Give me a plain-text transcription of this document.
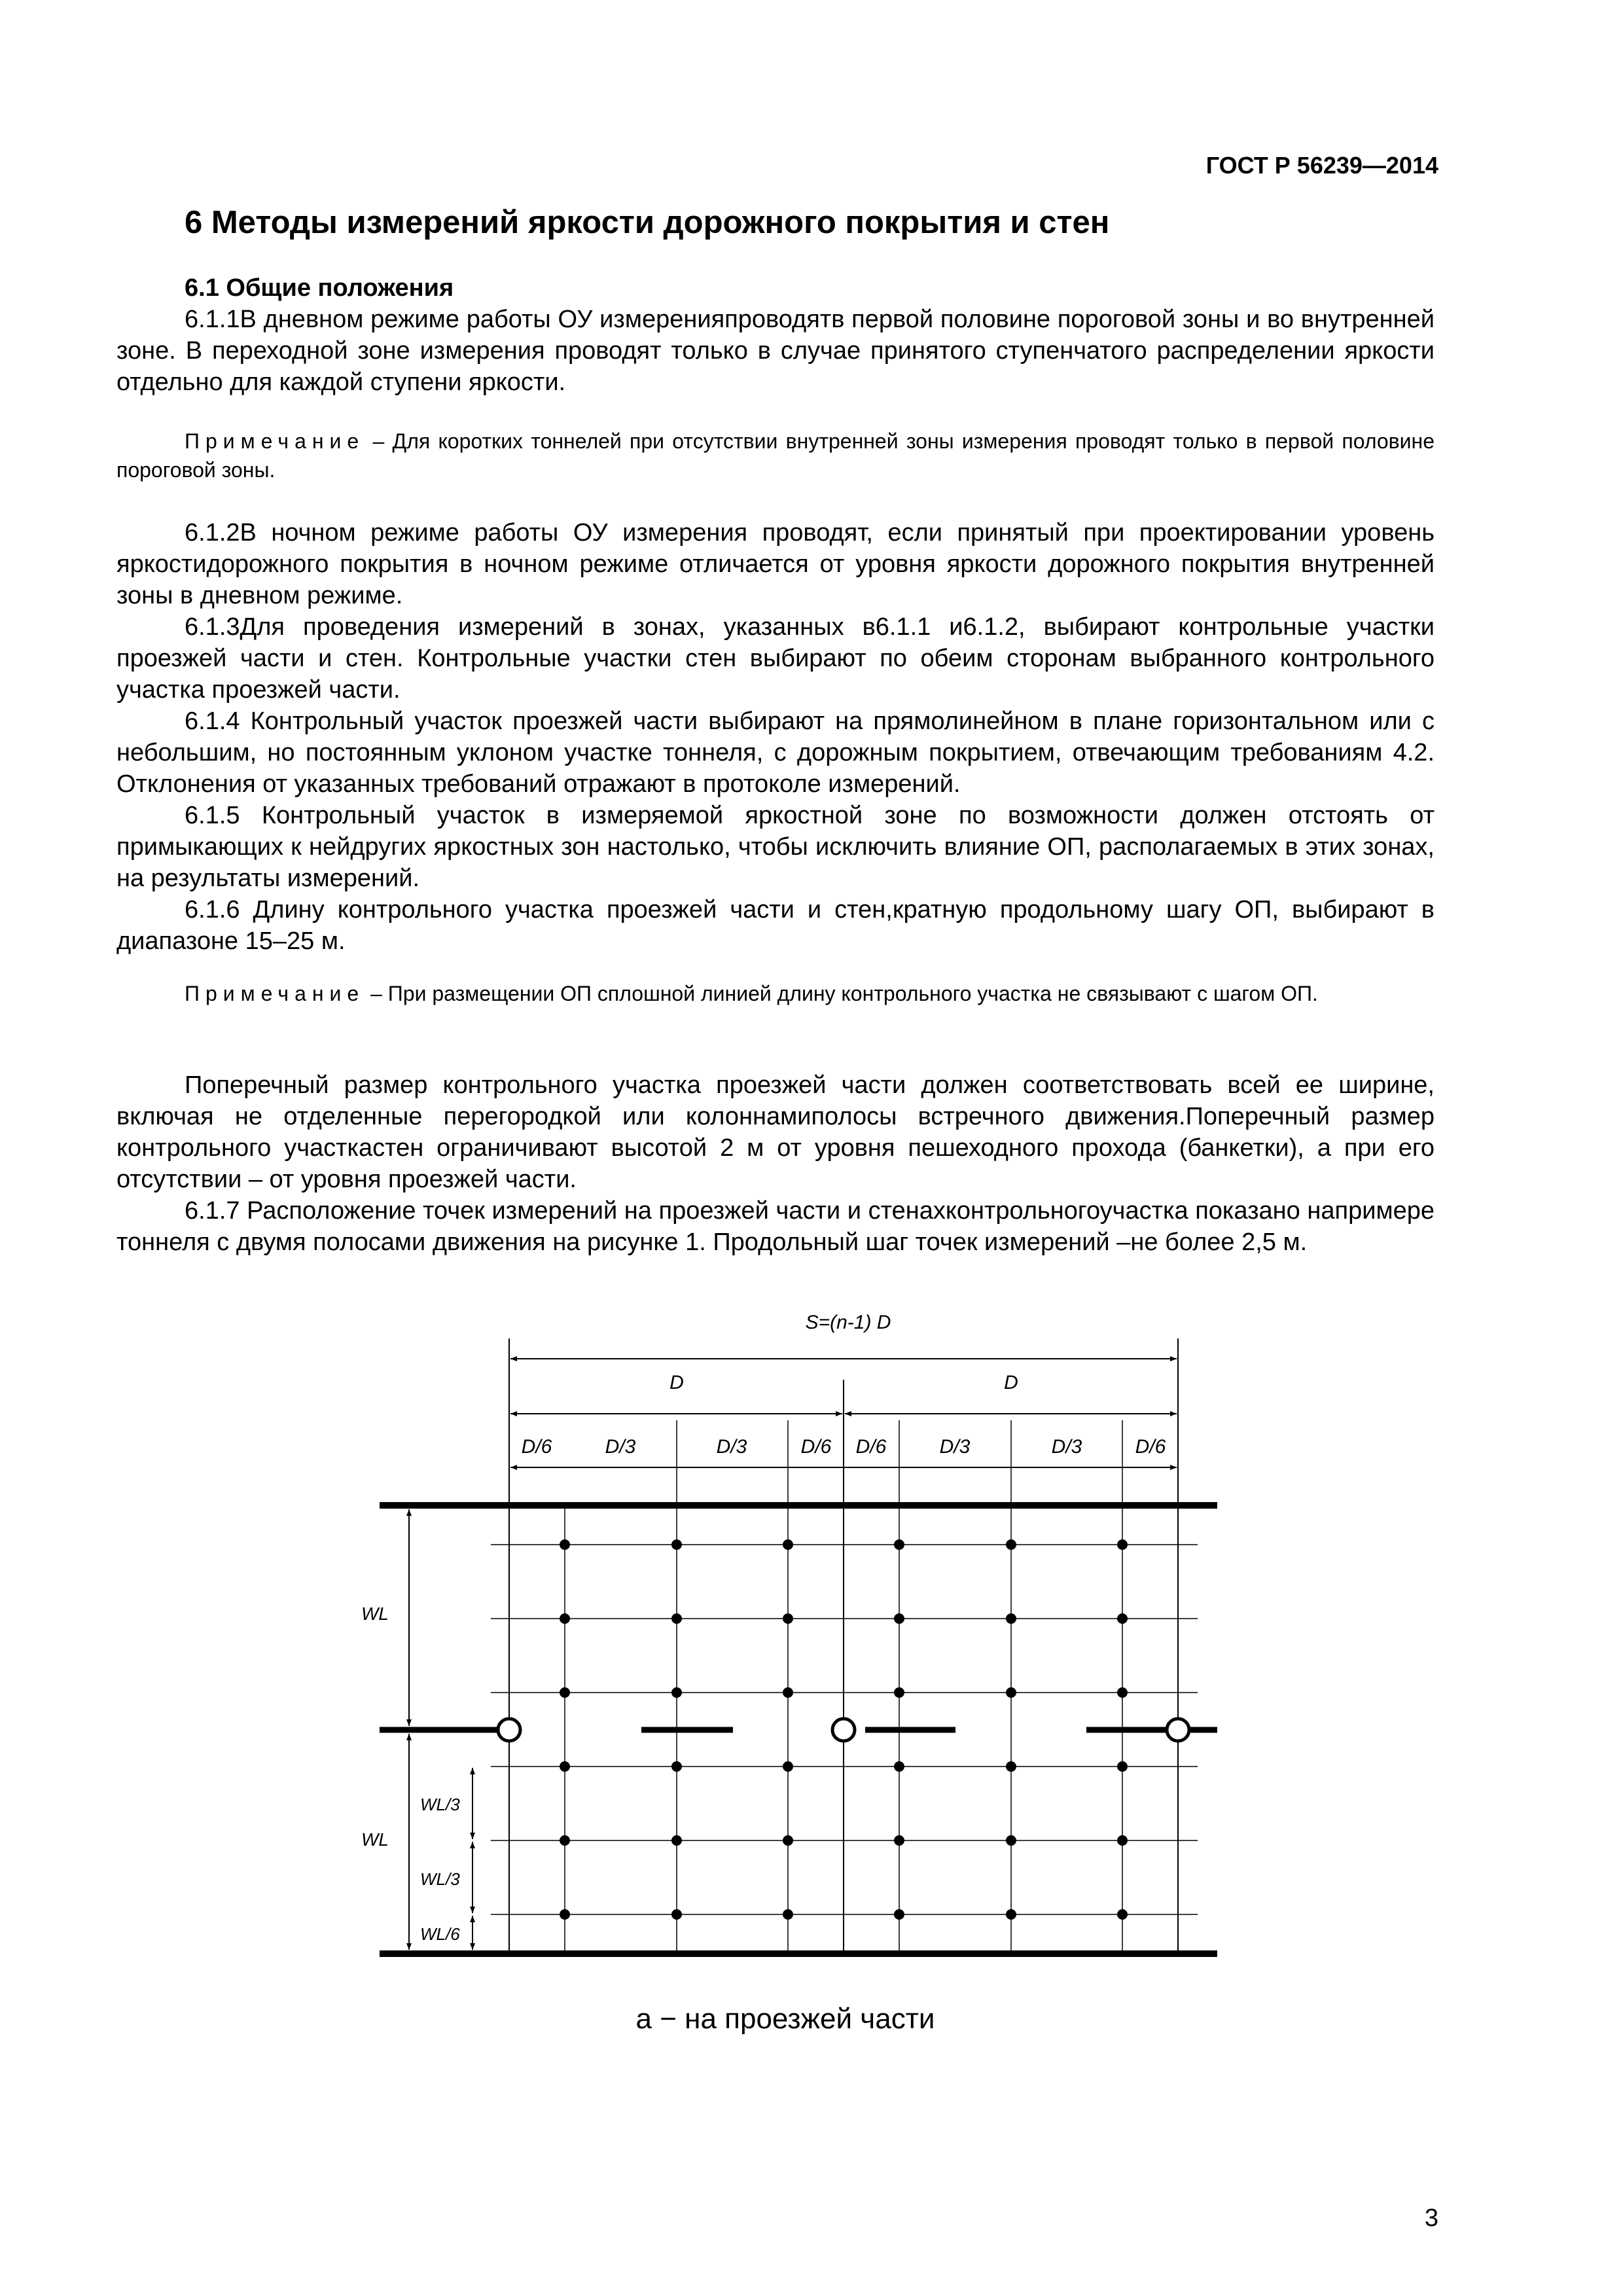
ГОСТ Р 56239—2014
6 Методы измерений яркости дорожного покрытия и стен

6.1 Общие положения

6.1.1В дневном режиме работы ОУ измеренияпроводятв первой половине пороговой зоны и во внутренней зоне. В переходной зоне измерения проводят только в случае принятого ступенчатого распределении яркости отдельно для каждой ступени яркости.

Примечание – Для коротких тоннелей при отсутствии внутренней зоны измерения проводят только в первой половине пороговой зоны.

6.1.2В ночном режиме работы ОУ измерения проводят, если принятый при проектировании уровень яркостидорожного покрытия в ночном режиме отличается от уровня яркости дорожного покрытия внутренней зоны в дневном режиме.

6.1.3Для проведения измерений в зонах, указанных в6.1.1 и6.1.2, выбирают контрольные участки проезжей части и стен. Контрольные участки стен выбирают по обеим сторонам выбранного контрольного участка проезжей части.

6.1.4 Контрольный участок проезжей части выбирают на прямолинейном в плане горизонтальном или с небольшим, но постоянным уклоном участке тоннеля, с дорожным покрытием, отвечающим требованиям 4.2. Отклонения от указанных требований отражают в протоколе измерений.

6.1.5 Контрольный участок в измеряемой яркостной зоне по возможности должен отстоять от примыкающих к нейдругих яркостных зон настолько, чтобы исключить влияние ОП, располагаемых в этих зонах, на результаты измерений.

6.1.6 Длину контрольного участка проезжей части и стен,кратную продольному шагу ОП, выбирают в диапазоне 15–25 м.

Примечание – При размещении ОП сплошной линией длину контрольного участка не связывают с шагом ОП.

Поперечный размер контрольного участка проезжей части должен соответствовать всей ее ширине, включая не отделенные перегородкой или колоннамиполосы встречного движения.Поперечный размер контрольного участкастен ограничивают высотой 2 м от уровня пешеходного прохода (банкетки), а при его отсутствии – от уровня проезжей части.

6.1.7 Расположение точек измерений на проезжей части и стенахконтрольногоучастка показано напримере тоннеля с двумя полосами движения на рисунке 1. Продольный шаг точек измерений –не более 2,5 м.

S=(n-1) D
D	D
D/6	D/3	D/3	D/6 D/6	D/3	D/3	D/6
WL
WL
WL/3
WL/3
WL/6
а − на проезжей части
3
